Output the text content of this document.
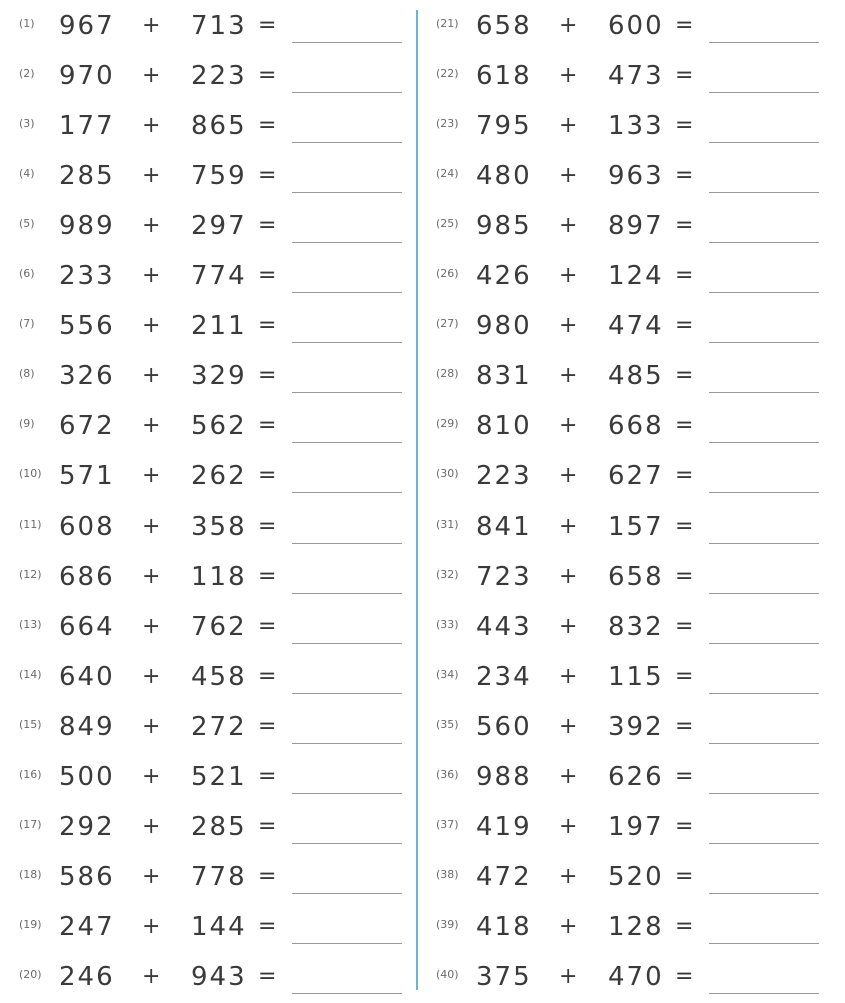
(1) 967 + 713 =
(2) 970 + 223 =
(3) 177 + 865 =
(4) 285 + 759 =
(5) 989 + 297 =
(6) 233 + 774 =
(7) 556 + 211 =
(8) 326 + 329 =
(9) 672 + 562 =
(10) 571 + 262 =
(11) 608 + 358 =
(12) 686 + 118 =
(13) 664 + 762 =
(14) 640 + 458 =
(15) 849 + 272 =
(16) 500 + 521 =
(17) 292 + 285 =
(18) 586 + 778 =
(19) 247 + 144 =
(20) 246 + 943 =
(21) 658 + 600 =
(22) 618 + 473 =
(23) 795 + 133 =
(24) 480 + 963 =
(25) 985 + 897 =
(26) 426 + 124 =
(27) 980 + 474 =
(28) 831 + 485 =
(29) 810 + 668 =
(30) 223 + 627 =
(31) 841 + 157 =
(32) 723 + 658 =
(33) 443 + 832 =
(34) 234 + 115 =
(35) 560 + 392 =
(36) 988 + 626 =
(37) 419 + 197 =
(38) 472 + 520 =
(39) 418 + 128 =
(40) 375 + 470 =
